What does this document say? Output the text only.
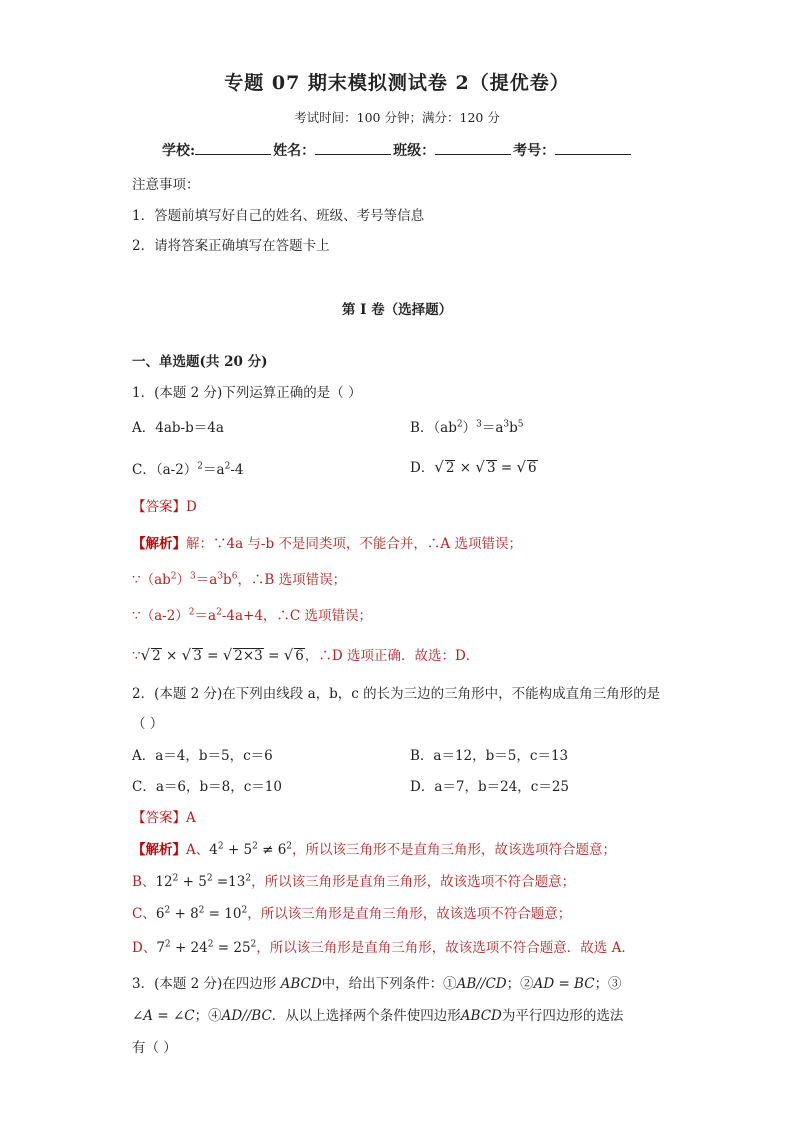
专题 07 期末模拟测试卷 2（提优卷）
考试时间：100 分钟；满分：120 分
学校:	姓名：	班级：	考号：
注意事项：
1．答题前填写好自己的姓名、班级、考号等信息
2．请将答案正确填写在答题卡上
第 I 卷（选择题）
一、单选题(共 20 分)
1．(本题 2 分)下列运算正确的是（ ）
A．4ab-b＝4a	B．$(ab^2)^3=a^3b^5$
C．$(a-2)^2=a^2-4$	D．√ 2 × √ 3 = √ 6
【答案】D
【解析】解：∵4a 与-b 不是同类项，不能合并，∴A 选项错误；
$\because(ab^2)^3=a^3b^6$，∴B 选项错误；
$\because(a-2)^2=a^2-4a+4$，∴C 选项错误；
∵√ 2 × √ 3 = √ 2×3 = √ 6，∴D 选项正确．故选：D．
2．(本题 2 分)在下列由线段 a，b，c 的长为三边的三角形中，不能构成直角三角形的是
（ ）
A．a＝4，b＝5，c＝6	B．a＝12，b＝5，c＝13
C．a＝6，b＝8，c＝10	D．a＝7，b＝24，c＝25
【答案】A
【解析】A、$4^2 + 5^2 \ne 6^2$，所以该三角形不是直角三角形，故该选项符合题意；
B、$12^2 + 5^2 =13^2$，所以该三角形是直角三角形，故该选项不符合题意；
C、$6^2 + 8^2 = 10^2$，所以该三角形是直角三角形，故该选项不符合题意；
D、$7^2 + 24^2 = 25^2$，所以该三角形是直角三角形，故该选项不符合题意．故选 A．
3．(本题 2 分)在四边形 ABCD中，给出下列条件：①AB//CD；②AD = BC；③
∠A = ∠C；④AD//BC．从以上选择两个条件使四边形ABCD为平行四边形的选法
有（ ）
